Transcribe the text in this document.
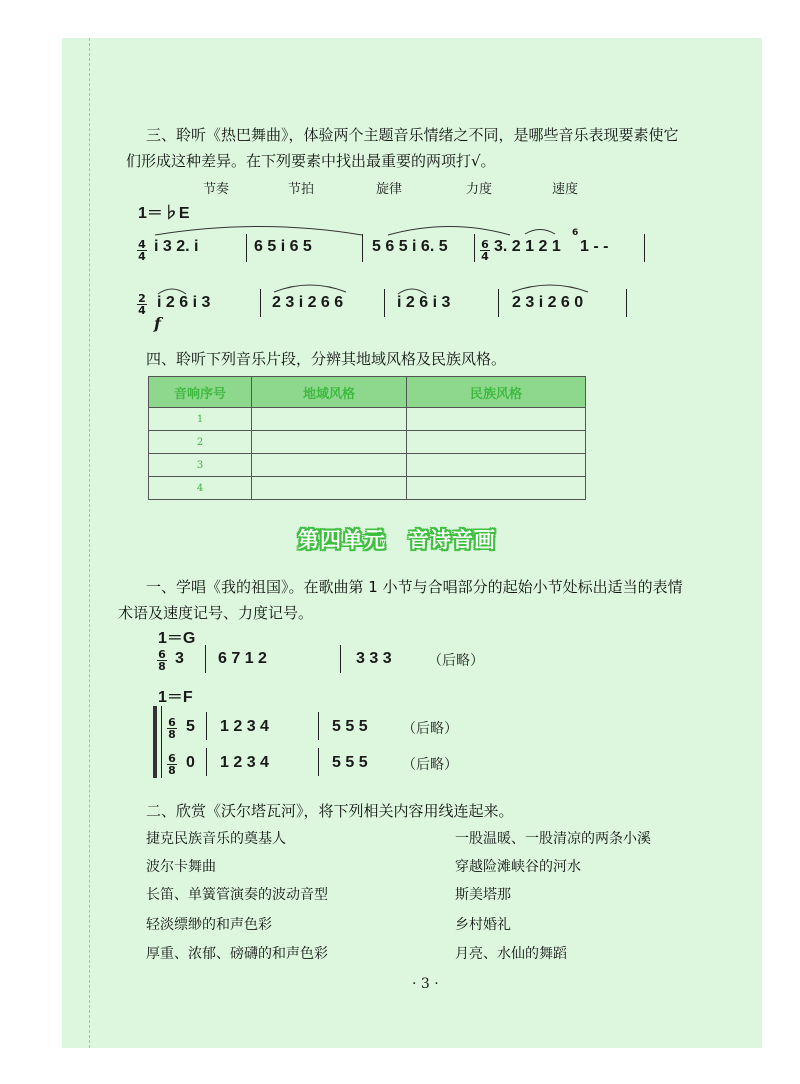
三、聆听《热巴舞曲》，体验两个主题音乐情绪之不同，是哪些音乐表现要素使它
们形成这种差异。在下列要素中找出最重要的两项打√。
节奏	节拍	旋律	力度	速度
1＝♭E
4
4
i 3 2. i	6 5 i 6 5	5 6 5 i 6. 5	6
4
3. 2 1 2 1
6
1 - -
2
4 i 2 6 i 3	2 3 i 2 6 6	i 2 6 i 3	2 3 i 2 6 0
f
四、聆听下列音乐片段，分辨其地域风格及民族风格。
音响序号	地域风格	民族风格
1		
2		
3		
4		
第四单元　音诗音画
一、学唱《我的祖国》。在歌曲第 1 小节与合唱部分的起始小节处标出适当的表情
术语及速度记号、力度记号。
1＝G
6
8 3 6 7 1 2	3 3 3	（后略）
1＝F
6
8 5 1 2 3 4	5 5 5 （后略）
6
8 0 1 2 3 4	5 5 5 （后略）
二、欣赏《沃尔塔瓦河》，将下列相关内容用线连起来。
捷克民族音乐的奠基人
波尔卡舞曲
长笛、单簧管演奏的波动音型
轻淡缥缈的和声色彩
厚重、浓郁、磅礴的和声色彩
一股温暖、一股清凉的两条小溪
穿越险滩峡谷的河水
斯美塔那
乡村婚礼
月亮、水仙的舞蹈
· 3 ·
